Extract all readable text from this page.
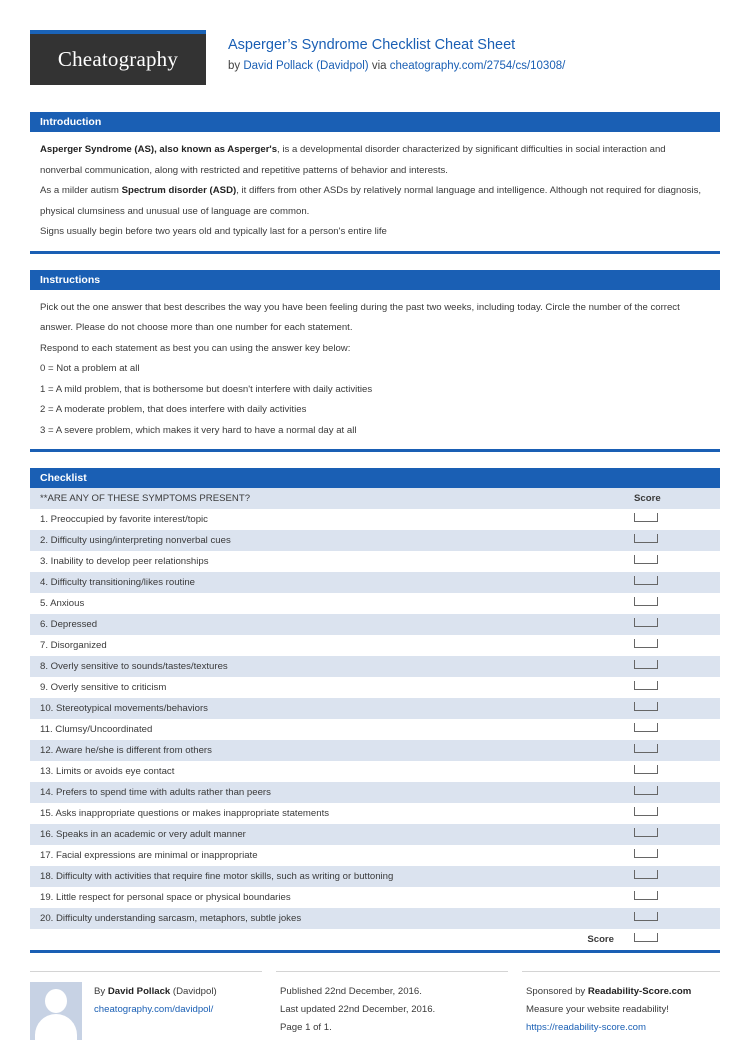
Cheatography
Asperger’s Syndrome Checklist Cheat Sheet
by David Pollack (Davidpol) via cheatography.com/2754/cs/10308/
Introduction
Asperger Syndrome (AS), also known as Asperger's, is a developmental disorder characterized by significant difficulties in social interaction and nonverbal communication, along with restricted and repetitive patterns of behavior and interests.
As a milder autism Spectrum disorder (ASD), it differs from other ASDs by relatively normal language and intelligence. Although not required for diagnosis, physical clumsiness and unusual use of language are common.
Signs usually begin before two years old and typically last for a person's entire life
Instructions
Pick out the one answer that best describes the way you have been feeling during the past two weeks, including today. Circle the number of the correct answer. Please do not choose more than one number for each statement.
Respond to each statement as best you can using the answer key below:
0 = Not a problem at all
1 = A mild problem, that is bothersome but doesn't interfere with daily activities
2 = A moderate problem, that does interfere with daily activities
3 = A severe problem, which makes it very hard to have a normal day at all
Checklist
**ARE ANY OF THESE SYMPTOMS PRESENT?	Score
1. Preoccupied by favorite interest/topic	
2. Difficulty using/interpreting nonverbal cues	
3. Inability to develop peer relationships	
4. Difficulty transitioning/likes routine	
5. Anxious	
6. Depressed	
7. Disorganized	
8. Overly sensitive to sounds/tastes/textures	
9. Overly sensitive to criticism	
10. Stereotypical movements/behaviors	
11. Clumsy/Uncoordinated	
12. Aware he/she is different from others	
13. Limits or avoids eye contact	
14. Prefers to spend time with adults rather than peers	
15. Asks inappropriate questions or makes inappropriate statements	
16. Speaks in an academic or very adult manner	
17. Facial expressions are minimal or inappropriate	
18. Difficulty with activities that require fine motor skills, such as writing or buttoning	
19. Little respect for personal space or physical boundaries	
20. Difficulty understanding sarcasm, metaphors, subtle jokes	
Score	
By David Pollack (Davidpol)
cheatography.com/davidpol/
Published 22nd December, 2016.
Last updated 22nd December, 2016.
Page 1 of 1.
Sponsored by Readability-Score.com
Measure your website readability!
https://readability-score.com
